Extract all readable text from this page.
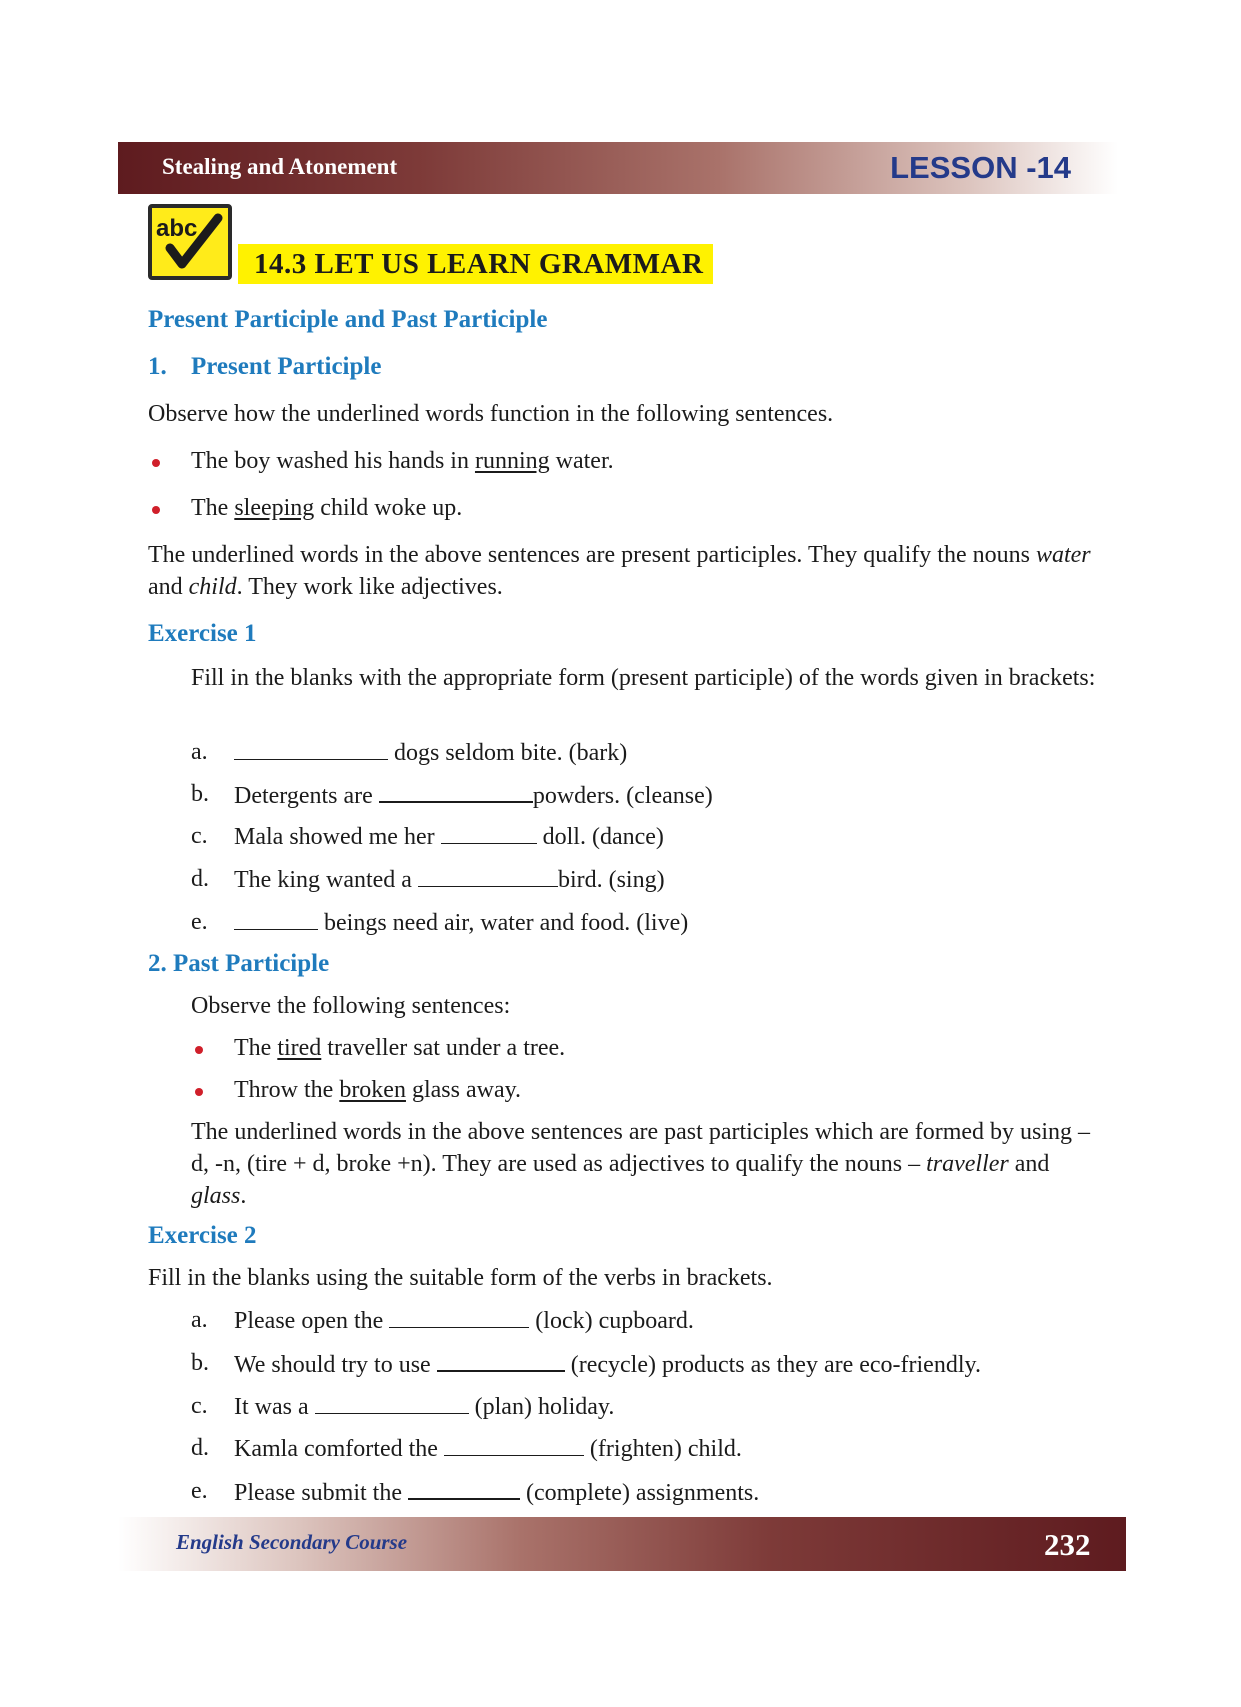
Stealing and Atonement	LESSON -14
abc
14.3 LET US LEARN GRAMMAR
Present Participle and Past Participle
1. Present Participle
Observe how the underlined words function in the following sentences.
The boy washed his hands in running water.
The sleeping child woke up.
The underlined words in the above sentences are present participles. They qualify the nouns water and child. They work like adjectives.
Exercise 1
Fill in the blanks with the appropriate form (present participle) of the words given in brackets:
a.	dogs seldom bite. (bark)
b. Detergents are	powders. (cleanse)
c. Mala showed me her	doll. (dance)
d. The king wanted a	bird. (sing)
e.	beings need air, water and food. (live)
2. Past Participle
Observe the following sentences:
The tired traveller sat under a tree.
Throw the broken glass away.
The underlined words in the above sentences are past participles which are formed by using –d, -n, (tire + d, broke +n). They are used as adjectives to qualify the nouns – traveller and glass.
Exercise 2
Fill in the blanks using the suitable form of the verbs in brackets.
a. Please open the	(lock) cupboard.
b. We should try to use	(recycle) products as they are eco-friendly.
c. It was a	(plan) holiday.
d. Kamla comforted the	(frighten) child.
e. Please submit the	(complete) assignments.
English Secondary Course	232
